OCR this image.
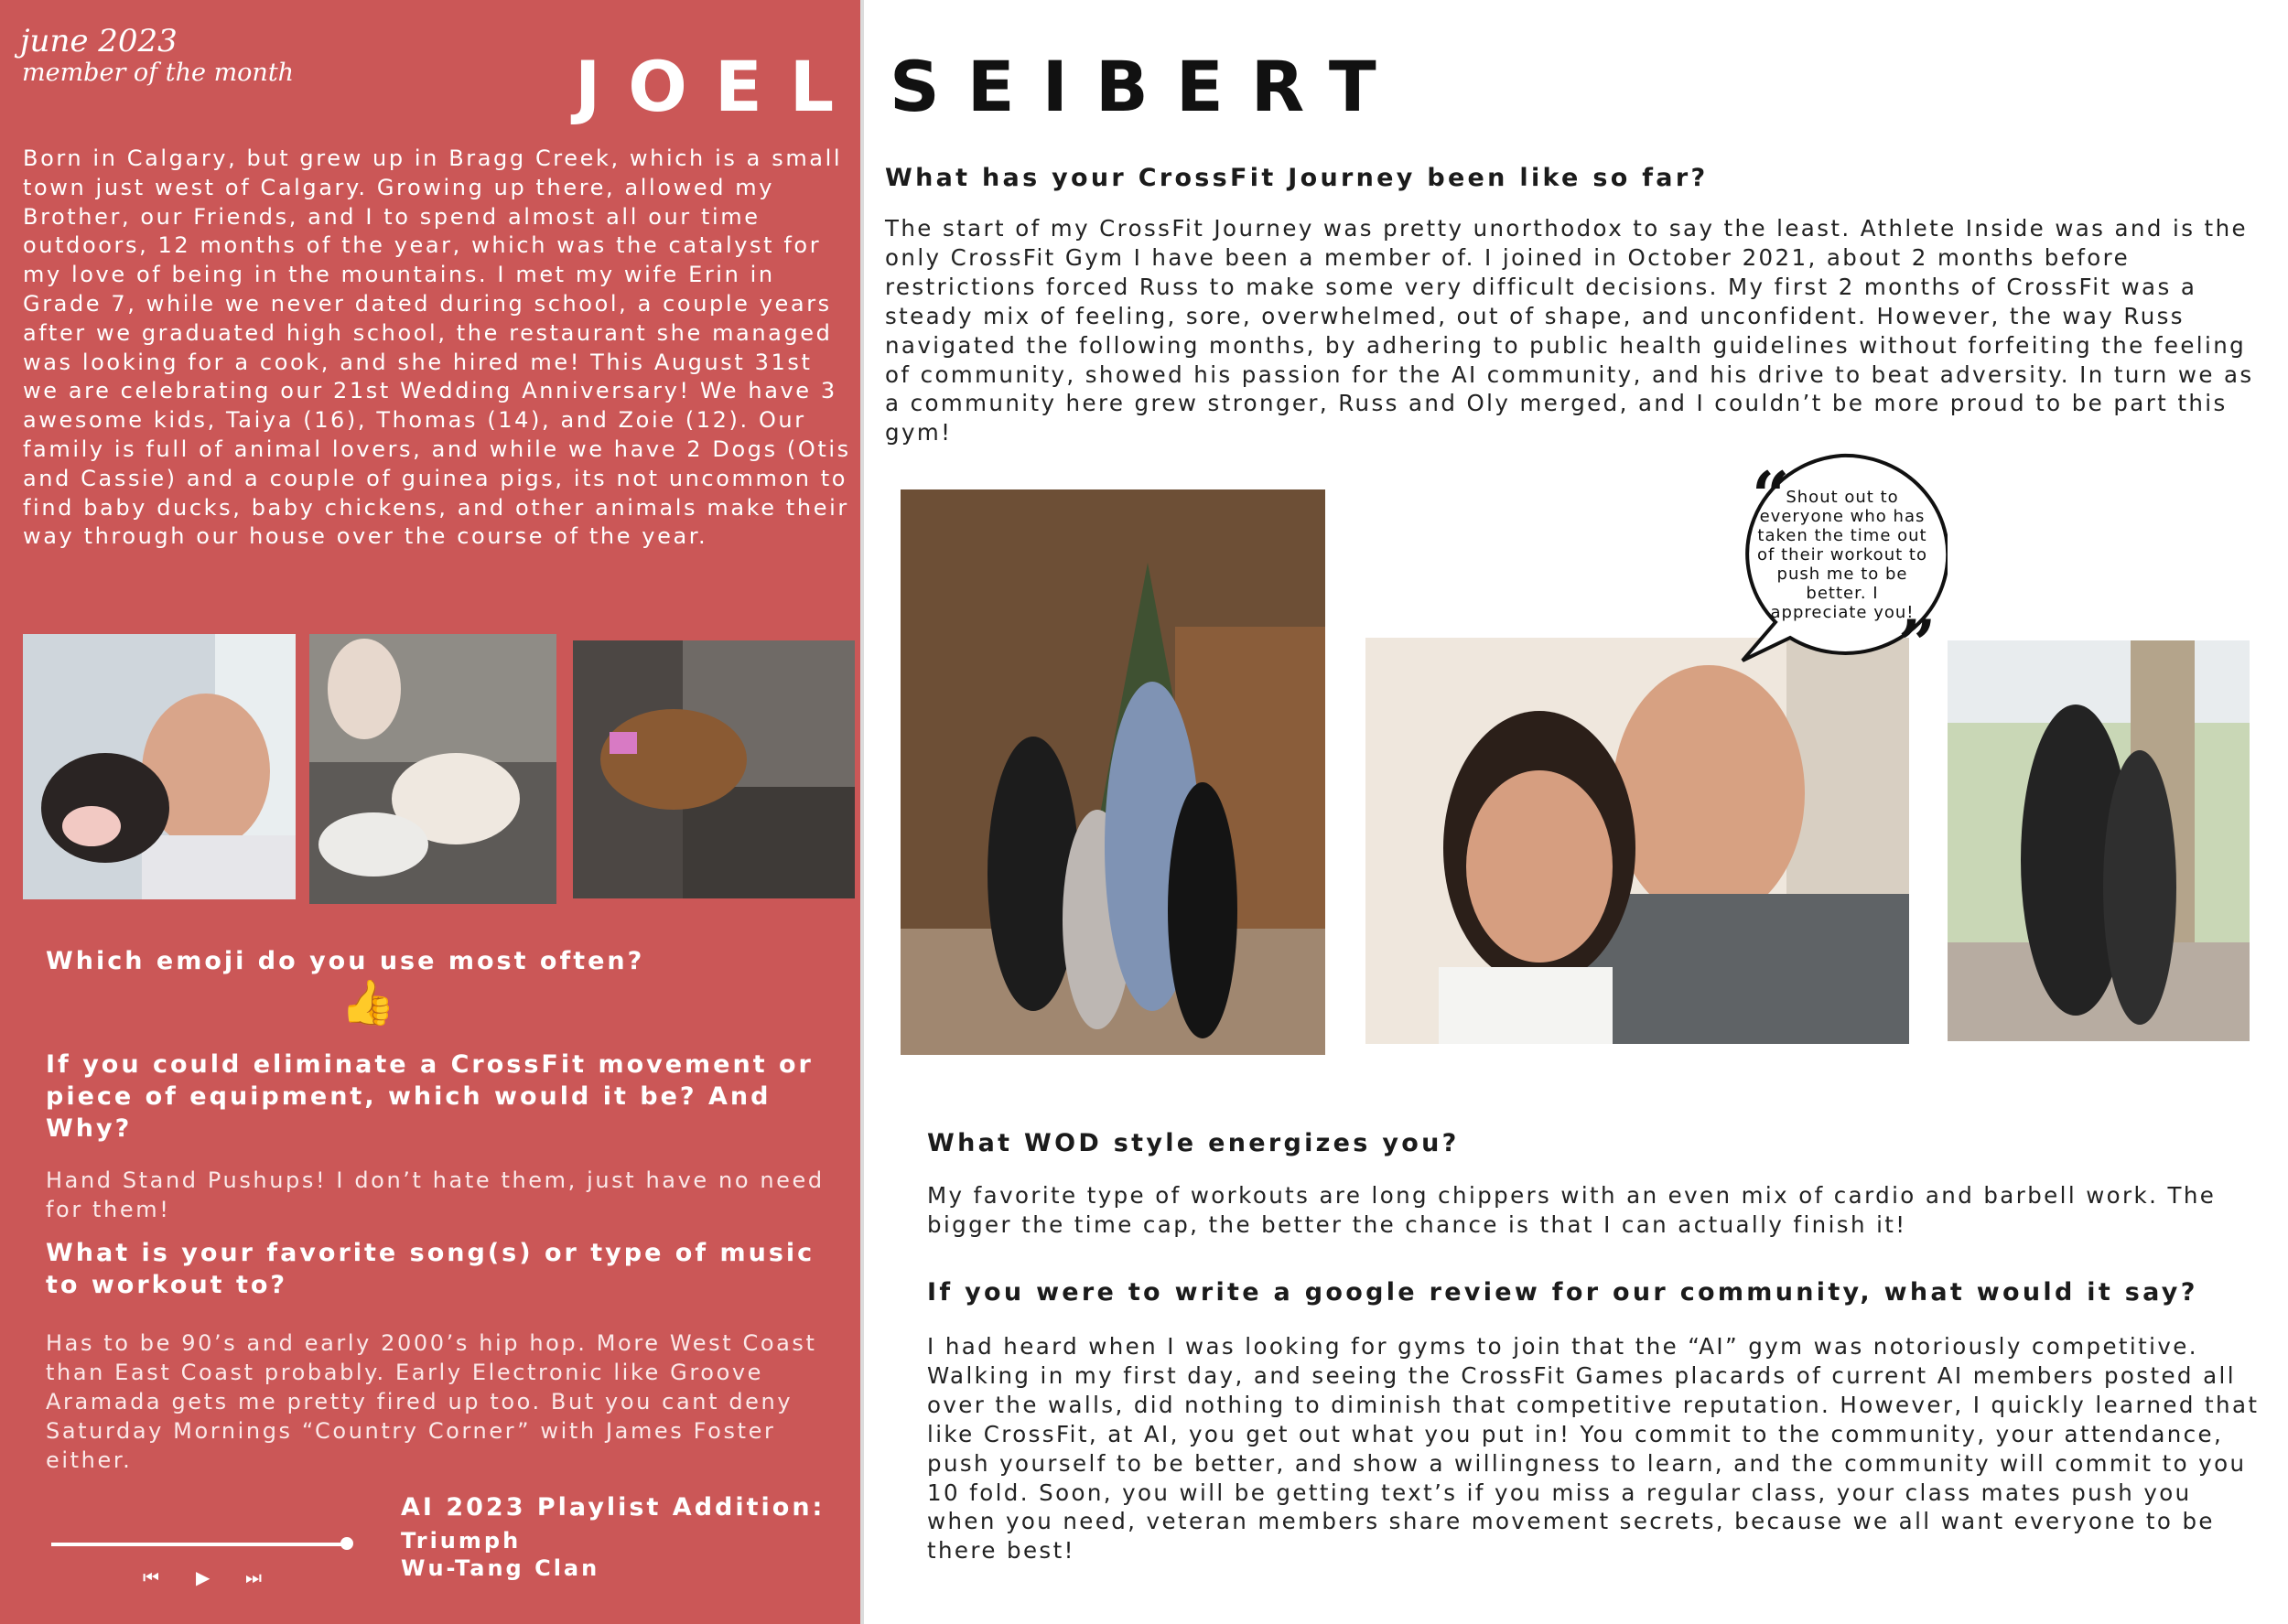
june 2023
member of the month	JOEL SEIBERT

Born in Calgary, but grew up in Bragg Creek, which is a small town just west of Calgary. Growing up there, allowed my Brother, our Friends, and I to spend almost all our time outdoors, 12 months of the year, which was the catalyst for my love of being in the mountains. I met my wife Erin in Grade 7, while we never dated during school, a couple years after we graduated high school, the restaurant she managed was looking for a cook, and she hired me! This August 31st we are celebrating our 21st Wedding Anniversary! We have 3 awesome kids, Taiya (16), Thomas (14), and Zoie (12). Our family is full of animal lovers, and while we have 2 Dogs (Otis and Cassie) and a couple of guinea pigs, its not uncommon to find baby ducks, baby chickens, and other animals make their way through our house over the course of the year.

Which emoji do you use most often?

👍

If you could eliminate a CrossFit movement or piece of equipment, which would it be? And Why?

Hand Stand Pushups! I don’t hate them, just have no need for them!

What is your favorite song(s) or type of music to workout to?

Has to be 90’s and early 2000’s hip hop. More West Coast than East Coast probably. Early Electronic like Groove Aramada gets me pretty fired up too. But you cant deny Saturday Mornings “Country Corner” with James Foster either.

⏮ ▶ ⏭
AI 2023 Playlist Addition:
Triumph
Wu-Tang Clan

What has your CrossFit Journey been like so far?

The start of my CrossFit Journey was pretty unorthodox to say the least. Athlete Inside was and is the only CrossFit Gym I have been a member of. I joined in October 2021, about 2 months before restrictions forced Russ to make some very difficult decisions. My first 2 months of CrossFit was a steady mix of feeling, sore, overwhelmed, out of shape, and unconfident. However, the way Russ navigated the following months, by adhering to public health guidelines without forfeiting the feeling of community, showed his passion for the AI community, and his drive to beat adversity. In turn we as a community here grew stronger, Russ and Oly merged, and I couldn’t be more proud to be part this gym!

“
”
Shout out to everyone who has taken the time out of their workout to push me to be better. I appreciate you!

What WOD style energizes you?

My favorite type of workouts are long chippers with an even mix of cardio and barbell work. The bigger the time cap, the better the chance is that I can actually finish it!

If you were to write a google review for our community, what would it say?

I had heard when I was looking for gyms to join that the “AI” gym was notoriously competitive. Walking in my first day, and seeing the CrossFit Games placards of current AI members posted all over the walls, did nothing to diminish that competitive reputation. However, I quickly learned that like CrossFit, at AI, you get out what you put in! You commit to the community, your attendance, push yourself to be better, and show a willingness to learn, and the community will commit to you 10 fold. Soon, you will be getting text’s if you miss a regular class, your class mates push you when you need, veteran members share movement secrets, because we all want everyone to be there best!
